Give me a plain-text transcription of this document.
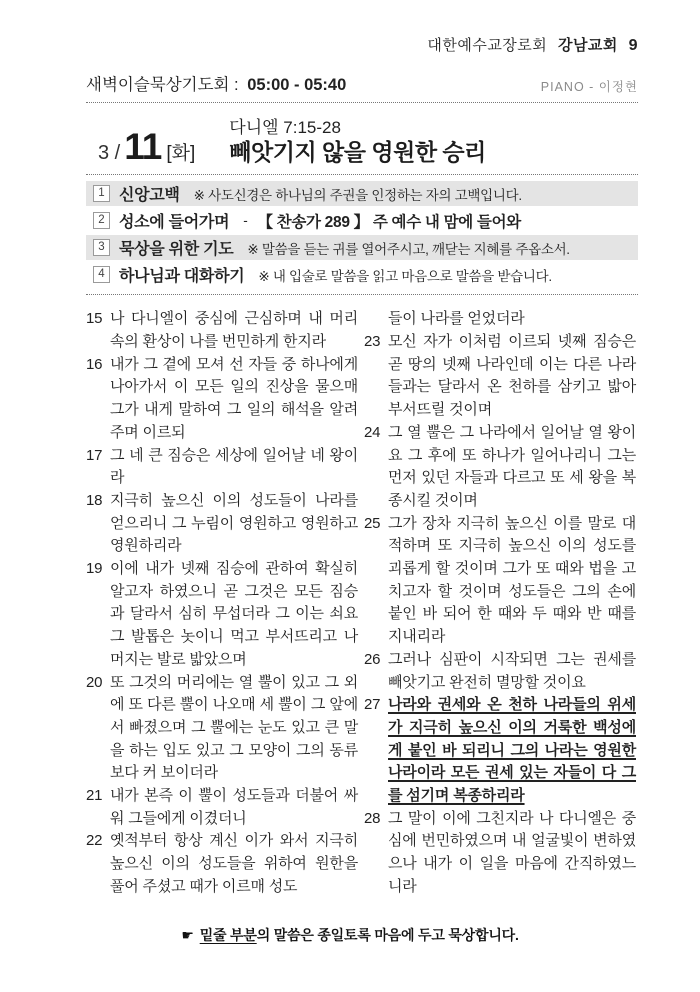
대한예수교장로회 강남교회 9
새벽이슬묵상기도회 : 05:00 - 05:40	PIANO - 이정현
3 / 11 [화]
다니엘 7:15-28
빼앗기지 않을 영원한 승리
1 신앙고백 ※ 사도신경은 하나님의 주권을 인정하는 자의 고백입니다.
2 성소에 들어가며 - 【 찬송가 289 】 주 예수 내 맘에 들어와
3 묵상을 위한 기도 ※ 말씀을 듣는 귀를 열어주시고, 깨닫는 지혜를 주옵소서.
4 하나님과 대화하기 ※ 내 입술로 말씀을 읽고 마음으로 말씀을 받습니다.
15 나 다니엘이 중심에 근심하며 내 머리 속의 환상이 나를 번민하게 한지라
16 내가 그 곁에 모셔 선 자들 중 하나에게 나아가서 이 모든 일의 진상을 물으매 그가 내게 말하여 그 일의 해석을 알려 주며 이르되
17 그 네 큰 짐승은 세상에 일어날 네 왕이라
18 지극히 높으신 이의 성도들이 나라를 얻으리니 그 누림이 영원하고 영원하고 영원하리라
19 이에 내가 넷째 짐승에 관하여 확실히 알고자 하였으니 곧 그것은 모든 짐승과 달라서 심히 무섭더라 그 이는 쇠요 그 발톱은 놋이니 먹고 부서뜨리고 나머지는 발로 밟았으며
20 또 그것의 머리에는 열 뿔이 있고 그 외에 또 다른 뿔이 나오매 세 뿔이 그 앞에서 빠졌으며 그 뿔에는 눈도 있고 큰 말을 하는 입도 있고 그 모양이 그의 동류보다 커 보이더라
21 내가 본즉 이 뿔이 성도들과 더불어 싸워 그들에게 이겼더니
22 옛적부터 항상 계신 이가 와서 지극히 높으신 이의 성도들을 위하여 원한을 풀어 주셨고 때가 이르매 성도
들이 나라를 얻었더라
23 모신 자가 이처럼 이르되 넷째 짐승은 곧 땅의 넷째 나라인데 이는 다른 나라들과는 달라서 온 천하를 삼키고 밟아 부서뜨릴 것이며
24 그 열 뿔은 그 나라에서 일어날 열 왕이요 그 후에 또 하나가 일어나리니 그는 먼저 있던 자들과 다르고 또 세 왕을 복종시킬 것이며
25 그가 장차 지극히 높으신 이를 말로 대적하며 또 지극히 높으신 이의 성도를 괴롭게 할 것이며 그가 또 때와 법을 고치고자 할 것이며 성도들은 그의 손에 붙인 바 되어 한 때와 두 때와 반 때를 지내리라
26 그러나 심판이 시작되면 그는 권세를 빼앗기고 완전히 멸망할 것이요
27 나라와 권세와 온 천하 나라들의 위세가 지극히 높으신 이의 거룩한 백성에게 붙인 바 되리니 그의 나라는 영원한 나라이라 모든 권세 있는 자들이 다 그를 섬기며 복종하리라
28 그 말이 이에 그친지라 나 다니엘은 중심에 번민하였으며 내 얼굴빛이 변하였으나 내가 이 일을 마음에 간직하였느니라
☛ 밑줄 부분의 말씀은 종일토록 마음에 두고 묵상합니다.
